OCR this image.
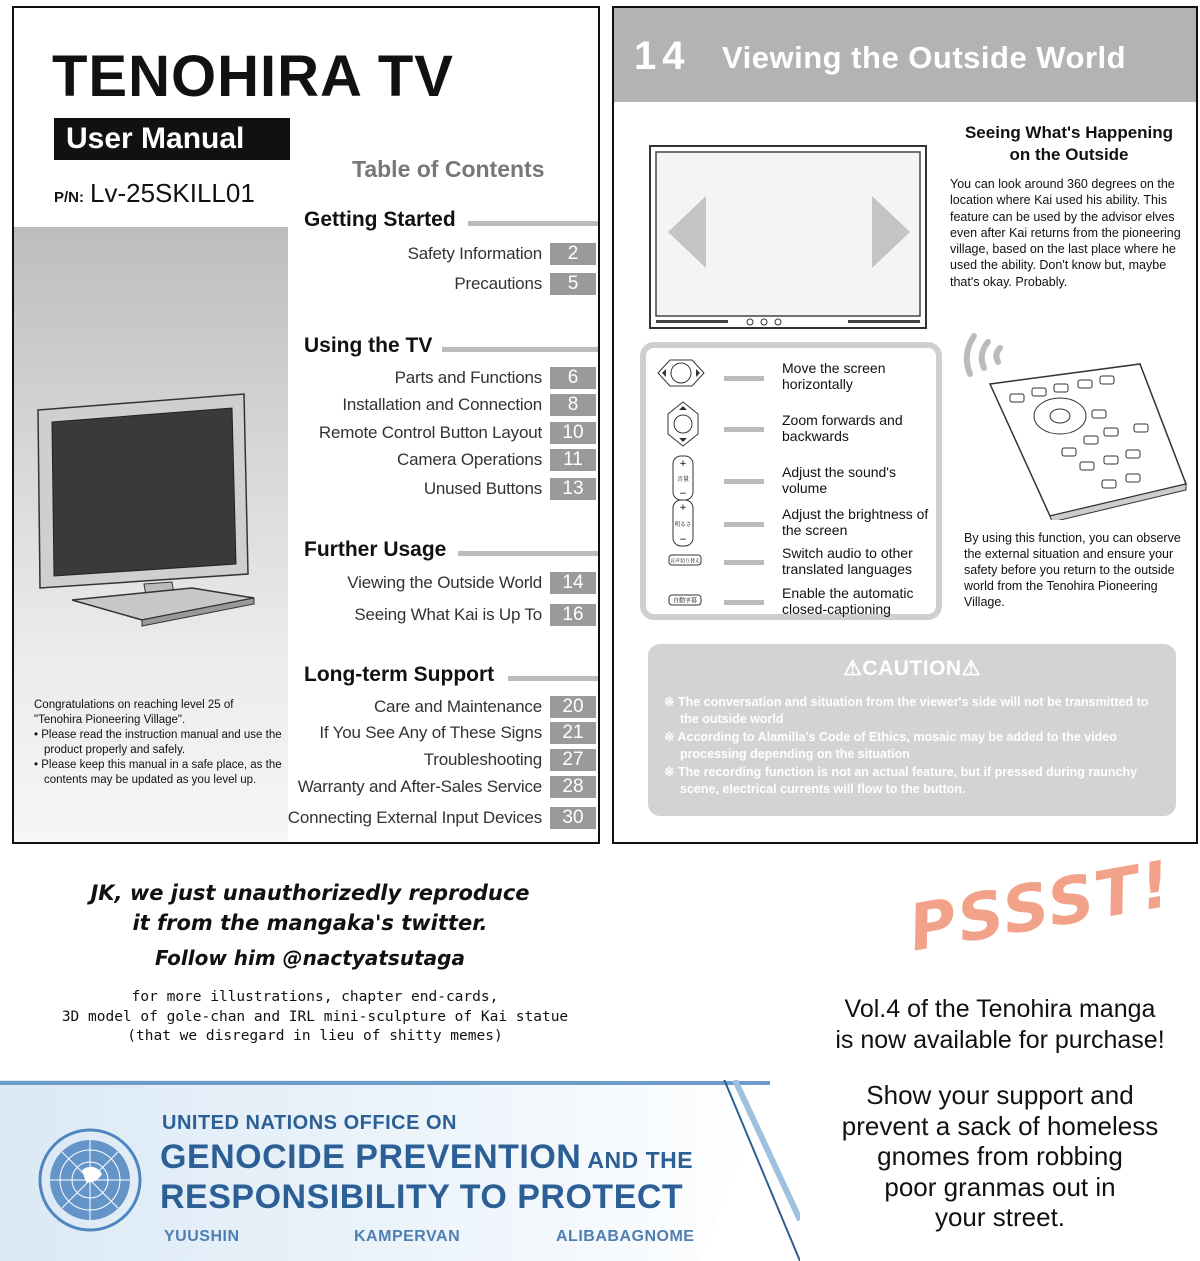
TENOHIRA TV
User Manual
P/N: Lv-25SKILL01
Table of Contents
Getting Started
Safety Information	2
Precautions	5
Using the TV
Parts and Functions	6
Installation and Connection	8
Remote Control Button Layout	10
Camera Operations	11
Unused Buttons	13
Further Usage
Viewing the Outside World	14
Seeing What Kai is Up To	16
Long-term Support
Care and Maintenance	20
If You See Any of These Signs	21
Troubleshooting	27
Warranty and After-Sales Service	28
Connecting External Input Devices	30
Congratulations on reaching level 25 of "Tenohira Pioneering Village".
• Please read the instruction manual and use the product properly and safely.
• Please keep this manual in a safe place, as the contents may be updated as you level up.
14 Viewing the Outside World
Seeing What's Happening
on the Outside
You can look around 360 degrees on the location where Kai used his ability. This feature can be used by the advisor elves even after Kai returns from the pioneering village, based on the last place where he used the ability. Don't know but, maybe that's okay. Probably.
+
音量
−
+
明るさ
−
音声切り替え
自動字幕
Move the screen horizontally
Zoom forwards and backwards
Adjust the sound's volume
Adjust the brightness of the screen
Switch audio to other translated languages
Enable the automatic closed-captioning
By using this function, you can observe the external situation and ensure your safety before you return to the outside world from the Tenohira Pioneering Village.
⚠CAUTION⚠
※ The conversation and situation from the viewer's side will not be transmitted to the outside world
※ According to Alamilla's Code of Ethics, mosaic may be added to the video processing depending on the situation
※ The recording function is not an actual feature, but if pressed during raunchy scene, electrical currents will flow to the button.
JK, we just unauthorizedly reproduce
it from the mangaka's twitter.
Follow him @nactyatsutaga
for more illustrations, chapter end-cards,
3D model of gole-chan and IRL mini-sculpture of Kai statue
(that we disregard in lieu of shitty memes)
PSSST!
Vol.4 of the Tenohira manga
is now available for purchase!
Show your support and
prevent a sack of homeless
gnomes from robbing
poor granmas out in
your street.
UNITED NATIONS OFFICE ON
GENOCIDE PREVENTION AND THE
RESPONSIBILITY TO PROTECT
YUUSHIN	KAMPERVAN	ALIBABAGNOME
